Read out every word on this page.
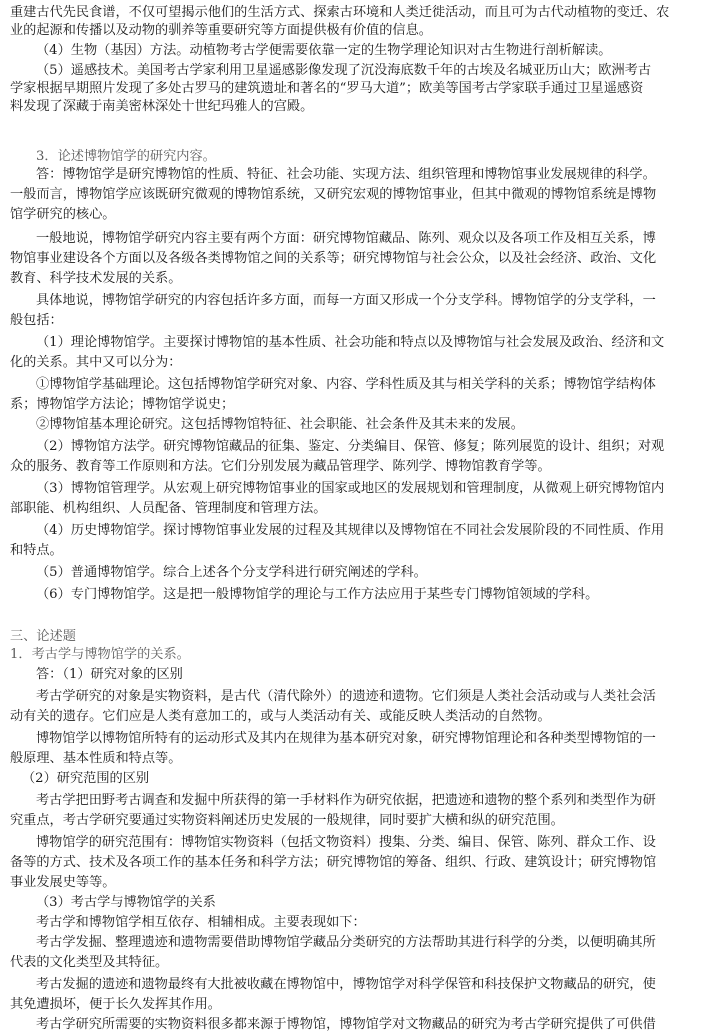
重建古代先民食谱，不仅可望揭示他们的生活方式、探索古环境和人类迁徙活动，而且可为古代动植物的变迁、农
业的起源和传播以及动物的驯养等重要研究等方面提供极有价值的信息。
（4）生物（基因）方法。动植物考古学便需要依靠一定的生物学理论知识对古生物进行剖析解读。
（5）遥感技术。美国考古学家利用卫星遥感影像发现了沉没海底数千年的古埃及名城亚历山大；欧洲考古
学家根据早期照片发现了多处古罗马的建筑遗址和著名的“罗马大道”；欧美等国考古学家联手通过卫星遥感资
料发现了深藏于南美密林深处十世纪玛雅人的宫殿。
3．论述博物馆学的研究内容。
答：博物馆学是研究博物馆的性质、特征、社会功能、实现方法、组织管理和博物馆事业发展规律的科学。
一般而言，博物馆学应该既研究微观的博物馆系统，又研究宏观的博物馆事业，但其中微观的博物馆系统是博物
馆学研究的核心。
一般地说，博物馆学研究内容主要有两个方面：研究博物馆藏品、陈列、观众以及各项工作及相互关系，博
物馆事业建设各个方面以及各级各类博物馆之间的关系等；研究博物馆与社会公众，以及社会经济、政治、文化
教育、科学技术发展的关系。
具体地说，博物馆学研究的内容包括许多方面，而每一方面又形成一个分支学科。博物馆学的分支学科，一
般包括：
（1）理论博物馆学。主要探讨博物馆的基本性质、社会功能和特点以及博物馆与社会发展及政治、经济和文
化的关系。其中又可以分为：
①博物馆学基础理论。这包括博物馆学研究对象、内容、学科性质及其与相关学科的关系；博物馆学结构体
系；博物馆学方法论；博物馆学说史；
②博物馆基本理论研究。这包括博物馆特征、社会职能、社会条件及其未来的发展。
（2）博物馆方法学。研究博物馆藏品的征集、鉴定、分类编目、保管、修复；陈列展览的设计、组织；对观
众的服务、教育等工作原则和方法。它们分别发展为藏品管理学、陈列学、博物馆教育学等。
（3）博物馆管理学。从宏观上研究博物馆事业的国家或地区的发展规划和管理制度，从微观上研究博物馆内
部职能、机构组织、人员配备、管理制度和管理方法。
（4）历史博物馆学。探讨博物馆事业发展的过程及其规律以及博物馆在不同社会发展阶段的不同性质、作用
和特点。
（5）普通博物馆学。综合上述各个分支学科进行研究阐述的学科。
（6）专门博物馆学。这是把一般博物馆学的理论与工作方法应用于某些专门博物馆领域的学科。
三、论述题
1．考古学与博物馆学的关系。
答：（1）研究对象的区别
考古学研究的对象是实物资料，是古代（清代除外）的遗迹和遗物。它们须是人类社会活动或与人类社会活
动有关的遗存。它们应是人类有意加工的，或与人类活动有关、或能反映人类活动的自然物。
博物馆学以博物馆所特有的运动形式及其内在规律为基本研究对象，研究博物馆理论和各种类型博物馆的一
般原理、基本性质和特点等。
（2）研究范围的区别
考古学把田野考古调查和发掘中所获得的第一手材料作为研究依据，把遗迹和遗物的整个系列和类型作为研
究重点，考古学研究要通过实物资料阐述历史发展的一般规律，同时要扩大横和纵的研究范围。
博物馆学的研究范围有：博物馆实物资料（包括文物资料）搜集、分类、编目、保管、陈列、群众工作、设
备等的方式、技术及各项工作的基本任务和科学方法；研究博物馆的筹备、组织、行政、建筑设计；研究博物馆
事业发展史等等。
（3）考古学与博物馆学的关系
考古学和博物馆学相互依存、相辅相成。主要表现如下：
考古学发掘、整理遗迹和遗物需要借助博物馆学藏品分类研究的方法帮助其进行科学的分类，以便明确其所
代表的文化类型及其特征。
考古发掘的遗迹和遗物最终有大批被收藏在博物馆中，博物馆学对科学保管和科技保护文物藏品的研究，使
其免遭损坏，便于长久发挥其作用。
考古学研究所需要的实物资料很多都来源于博物馆，博物馆学对文物藏品的研究为考古学研究提供了可供借
